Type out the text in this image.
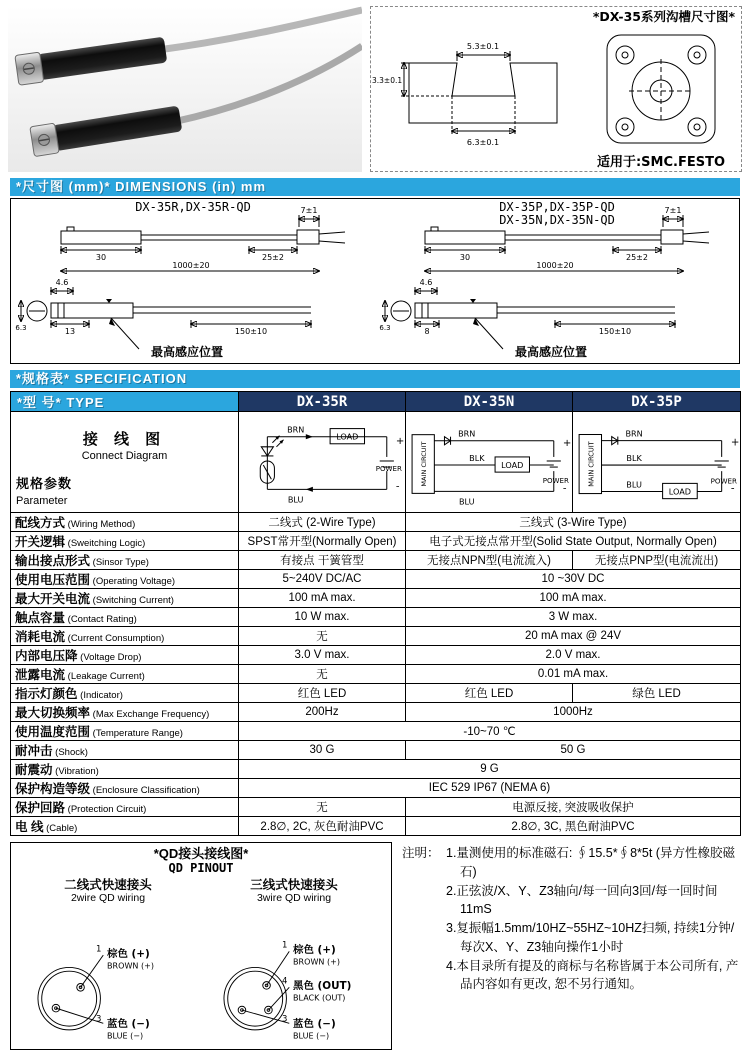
*DX-35系列沟槽尺寸图*
5.3±0.1
3.3±0.1
6.3±0.1
适用于:SMC.FESTO
*尺寸图 (mm)* DIMENSIONS (in) mm
DX-35R,DX-35R-QD	7±1
30	25±2
1000±20
4.6
6.3	13	150±10
最高感应位置
DX-35P,DX-35P-QD
DX-35N,DX-35N-QD
7±1
30	25±2
1000±20
4.6
6.3	8	150±10
最高感应位置
*规格表* SPECIFICATION
*型 号* TYPE	DX-35R	DX-35N	DX-35P

接 线 图
Connect Diagram
规格参数
Parameter

LOAD	+
-
POWER
BRN
BLU

MAIN CIRCUIT	LOAD
+
-
POWER
BRN
BLK
BLU

MAIN CIRCUIT
LOAD
+
-
POWER
BRN
BLK
BLU

配线方式 (Wiring Method)	二线式 (2-Wire Type)	三线式 (3-Wire Type)	
开关逻辑 (Sweitching Logic)	SPST常开型(Normally Open)	电子式无接点常开型(Solid State Output, Normally Open)	
输出接点形式 (Sinsor Type)	有接点 干簧管型	无接点NPN型(电流流入)	无接点PNP型(电流流出)
使用电压范围 (Operating Voltage)	5~240V DC/AC	10 ~30V DC	
最大开关电流 (Switching Current)	100 mA max.	100 mA max.	
触点容量 (Contact Rating)	10 W max.	3 W max.	
消耗电流 (Current Consumption)	无	20 mA max @ 24V	
内部电压降 (Voltage Drop)	3.0 V max.	2.0 V max.	
泄露电流 (Leakage Current)	无	0.01 mA max.	
指示灯颜色 (Indicator)	红色 LED	红色 LED	绿色 LED
最大切换频率 (Max Exchange Frequency)	200Hz	1000Hz	
使用温度范围 (Temperature Range)	-10~70 ℃		
耐冲击 (Shock)	30 G	50 G	
耐震动 (Vibration)	9 G		
保护构造等级 (Enclosure Classification)	IEC 529 IP67 (NEMA 6)		
保护回路 (Protection Circuit)	无	电源反接, 突波吸收保护	
电 线 (Cable)	2.8∅, 2C, 灰色耐油PVC	2.8∅, 3C, 黑色耐油PVC	
*QD接头接线图*
QD PINOUT
二线式快速接头
2wire QD wiring
1 棕色 (+)
BROWN (+)
3 蓝色 (−)
BLUE (−)
三线式快速接头
3wire QD wiring
1 棕色 (+)
BROWN (+)
4 黑色 (OUT)
BLACK (OUT)
3 蓝色 (−)
BLUE (−)
注明： 1.量测使用的标准磁石: ∮15.5*∮8*5t (异方性橡胶磁石)
2.正弦波/X、Y、Z3轴向/每一回向3回/每一回时间11mS
3.复振幅1.5mm/10HZ~55HZ~10HZ扫频, 持续1分钟/每次X、Y、Z3轴向操作1小时
4.本目录所有提及的商标与名称皆属于本公司所有, 产品内容如有更改, 恕不另行通知。
